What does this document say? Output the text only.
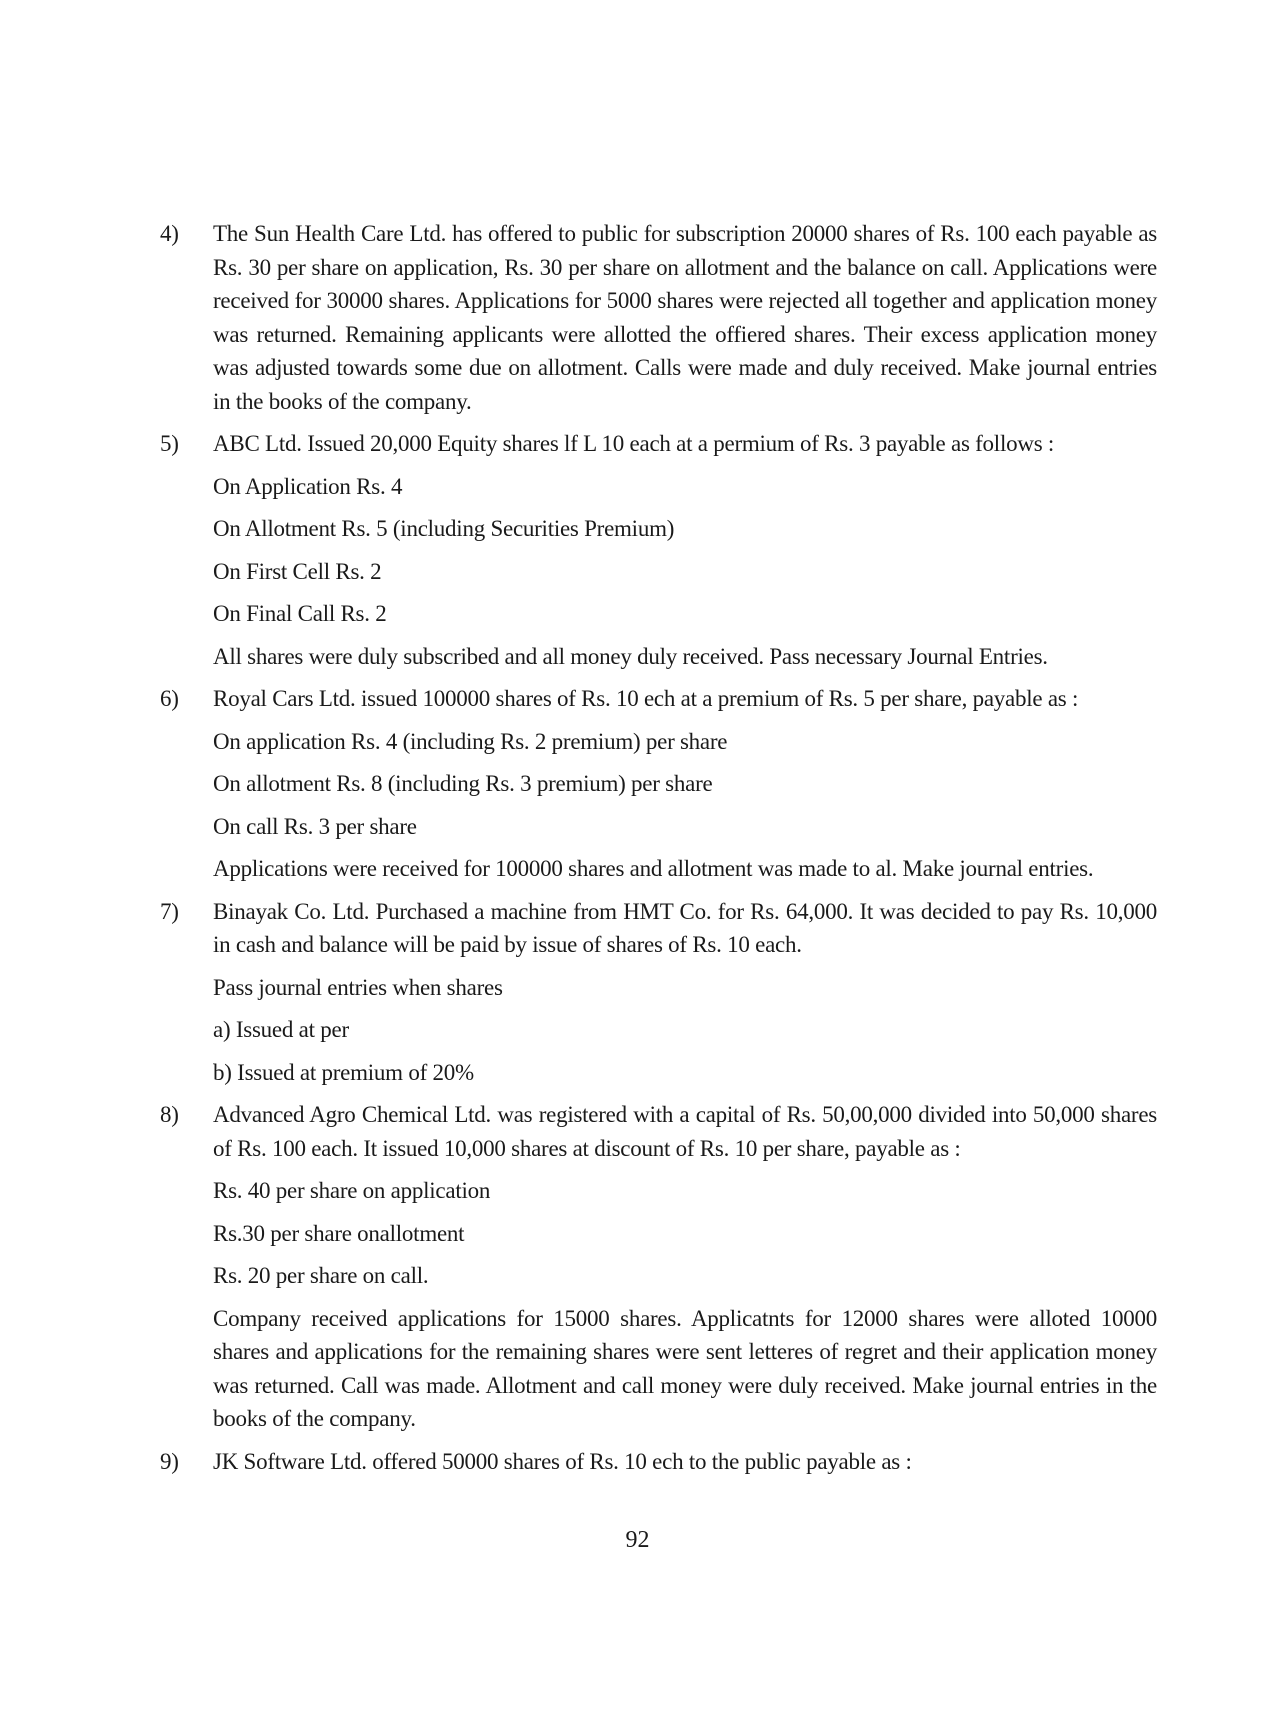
4) The Sun Health Care Ltd. has offered to public for subscription 20000 shares of Rs. 100 each payable as Rs. 30 per share on application, Rs. 30 per share on allotment and the balance on call. Applications were received for 30000 shares. Applications for 5000 shares were rejected all together and application money was returned. Remaining applicants were allotted the offiered shares. Their excess application money was adjusted towards some due on allotment. Calls were made and duly received. Make journal entries in the books of the company.

5) ABC Ltd. Issued 20,000 Equity shares lf L 10 each at a permium of Rs. 3 payable as follows :

On Application Rs. 4

On Allotment Rs. 5 (including Securities Premium)

On First Cell Rs. 2

On Final Call Rs. 2

All shares were duly subscribed and all money duly received. Pass necessary Journal Entries.

6) Royal Cars Ltd. issued 100000 shares of Rs. 10 ech at a premium of Rs. 5 per share, payable as :

On application Rs. 4 (including Rs. 2 premium) per share

On allotment Rs. 8 (including Rs. 3 premium) per share

On call Rs. 3 per share

Applications were received for 100000 shares and allotment was made to al. Make journal entries.

7) Binayak Co. Ltd. Purchased a machine from HMT Co. for Rs. 64,000. It was decided to pay Rs. 10,000 in cash and balance will be paid by issue of shares of Rs. 10 each.

Pass journal entries when shares

a) Issued at per

b) Issued at premium of 20%

8) Advanced Agro Chemical Ltd. was registered with a capital of Rs. 50,00,000 divided into 50,000 shares of Rs. 100 each. It issued 10,000 shares at discount of Rs. 10 per share, payable as :

Rs. 40 per share on application

Rs.30 per share onallotment

Rs. 20 per share on call.

Company received applications for 15000 shares. Applicatnts for 12000 shares were alloted 10000 shares and applications for the remaining shares were sent letteres of regret and their application money was returned. Call was made. Allotment and call money were duly received. Make journal entries in the books of the company.

9) JK Software Ltd. offered 50000 shares of Rs. 10 ech to the public payable as :

92
